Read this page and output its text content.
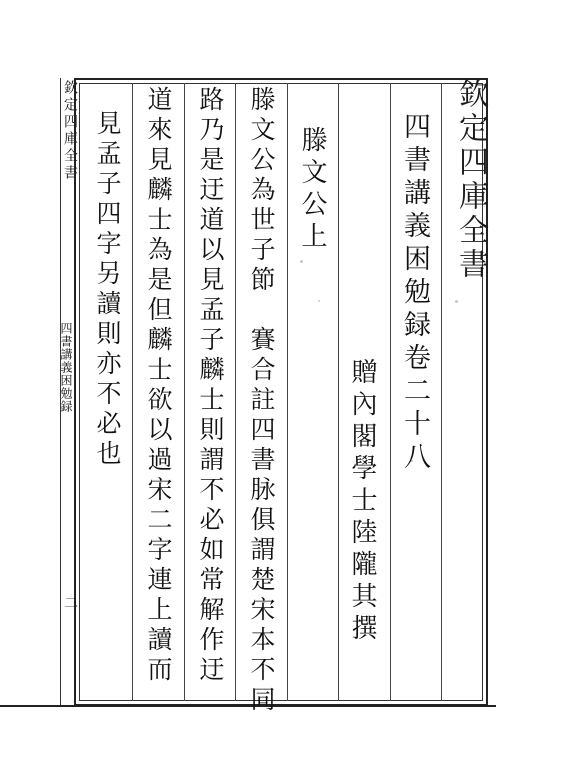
欽定四庫全書
四書講義困勉録
二
欽定四庫全書
四書講義困勉録卷二十八
贈內閣學士陸隴其撰
滕文公上
滕文公為世子節　賽合註四書脉俱謂楚宋本不同
路乃是迂道以見孟子麟士則謂不必如常解作迂
道來見麟士為是但麟士欲以過宋二字連上讀而
見孟子四字另讀則亦不必也
